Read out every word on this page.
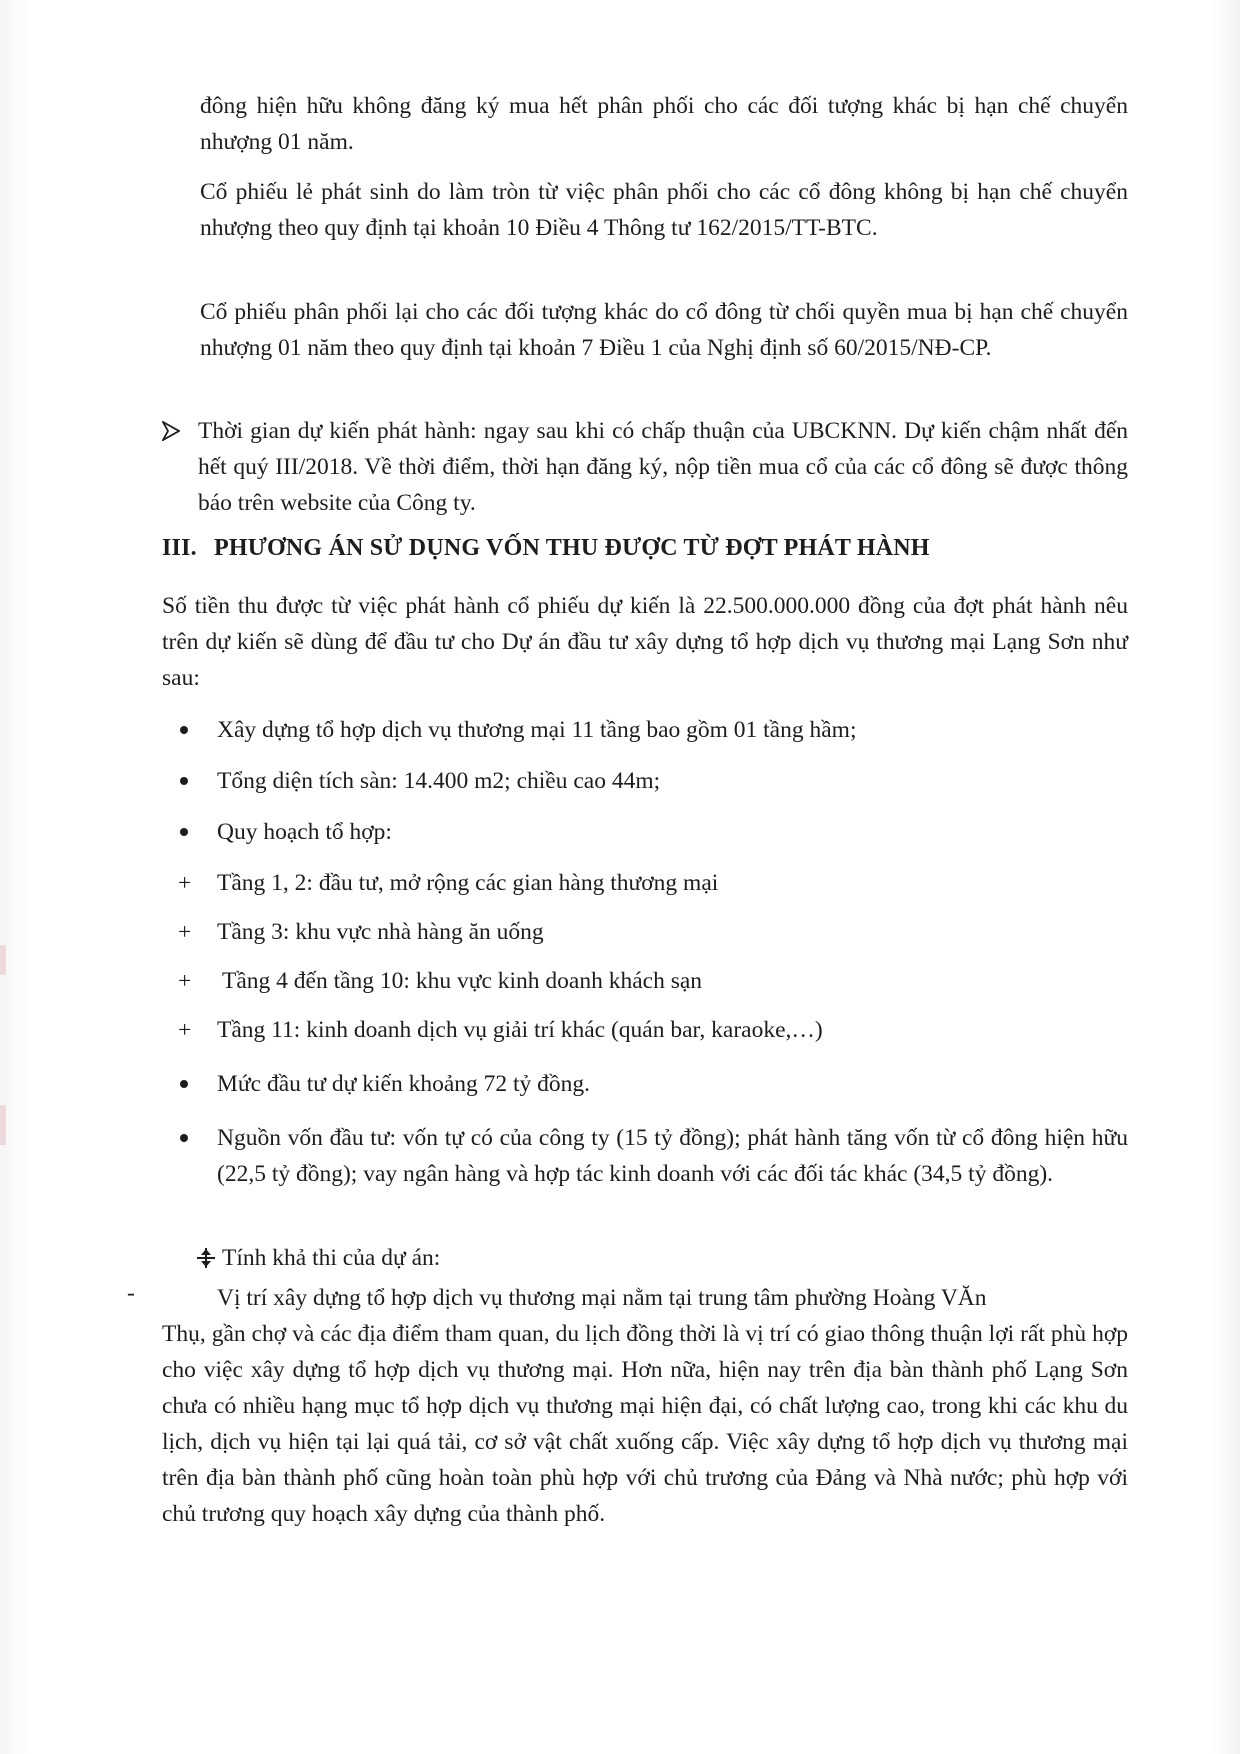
đông hiện hữu không đăng ký mua hết phân phối cho các đối tượng khác bị hạn chế chuyển nhượng 01 năm.

Cổ phiếu lẻ phát sinh do làm tròn từ việc phân phối cho các cổ đông không bị hạn chế chuyển nhượng theo quy định tại khoản 10 Điều 4 Thông tư 162/2015/TT-BTC.

Cổ phiếu phân phối lại cho các đối tượng khác do cổ đông từ chối quyền mua bị hạn chế chuyển nhượng 01 năm theo quy định tại khoản 7 Điều 1 của Nghị định số 60/2015/NĐ-CP.

Thời gian dự kiến phát hành: ngay sau khi có chấp thuận của UBCKNN. Dự kiến chậm nhất đến hết quý III/2018. Về thời điểm, thời hạn đăng ký, nộp tiền mua cổ của các cổ đông sẽ được thông báo trên website của Công ty.

III. PHƯƠNG ÁN SỬ DỤNG VỐN THU ĐƯỢC TỪ ĐỢT PHÁT HÀNH

Số tiền thu được từ việc phát hành cổ phiếu dự kiến là 22.500.000.000 đồng của đợt phát hành nêu trên dự kiến sẽ dùng để đầu tư cho Dự án đầu tư xây dựng tổ hợp dịch vụ thương mại Lạng Sơn như sau:

Xây dựng tổ hợp dịch vụ thương mại 11 tầng bao gồm 01 tầng hầm;

Tổng diện tích sàn: 14.400 m2; chiều cao 44m;

Quy hoạch tổ hợp:

+ Tầng 1, 2: đầu tư, mở rộng các gian hàng thương mại

+ Tầng 3: khu vực nhà hàng ăn uống

+ Tầng 4 đến tầng 10: khu vực kinh doanh khách sạn

+ Tầng 11: kinh doanh dịch vụ giải trí khác (quán bar, karaoke,…)

Mức đầu tư dự kiến khoảng 72 tỷ đồng.

Nguồn vốn đầu tư: vốn tự có của công ty (15 tỷ đồng); phát hành tăng vốn từ cổ đông hiện hữu (22,5 tỷ đồng); vay ngân hàng và hợp tác kinh doanh với các đối tác khác (34,5 tỷ đồng).

Tính khả thi của dự án:
-	Vị trí xây dựng tổ hợp dịch vụ thương mại nằm tại trung tâm phường Hoàng VĂn

Thụ, gần chợ và các địa điểm tham quan, du lịch đồng thời là vị trí có giao thông thuận lợi rất phù hợp cho việc xây dựng tổ hợp dịch vụ thương mại. Hơn nữa, hiện nay trên địa bàn thành phố Lạng Sơn chưa có nhiều hạng mục tổ hợp dịch vụ thương mại hiện đại, có chất lượng cao, trong khi các khu du lịch, dịch vụ hiện tại lại quá tải, cơ sở vật chất xuống cấp. Việc xây dựng tổ hợp dịch vụ thương mại trên địa bàn thành phố cũng hoàn toàn phù hợp với chủ trương của Đảng và Nhà nước; phù hợp với chủ trương quy hoạch xây dựng của thành phố.
